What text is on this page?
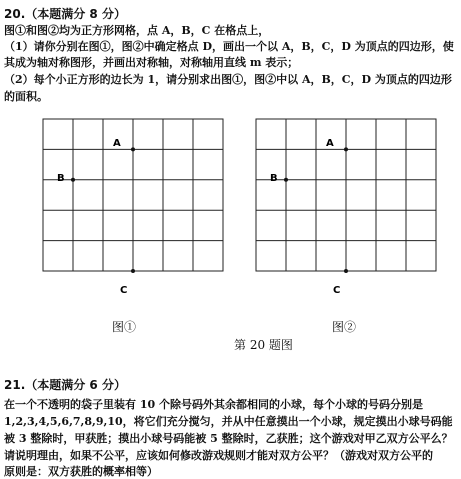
20.（本题满分 8 分）
图①和图②均为正方形网格，点 A，B，C 在格点上，
（1）请你分别在图①，图②中确定格点 D，画出一个以 A，B，C，D 为顶点的四边形，使
其成为轴对称图形，并画出对称轴，对称轴用直线 m 表示；
（2）每个小正方形的边长为 1，请分别求出图①，图②中以 A，B，C，D 为顶点的四边形
的面积。
A
B
C
A
B
C
图①	图②
第 20 题图
21.（本题满分 6 分）
在一个不透明的袋子里装有 10 个除号码外其余都相同的小球，每个小球的号码分别是
1,2,3,4,5,6,7,8,9,10，将它们充分搅匀，并从中任意摸出一个小球，规定摸出小球号码能
被 3 整除时，甲获胜；摸出小球号码能被 5 整除时，乙获胜；这个游戏对甲乙双方公平么？
请说明理由，如果不公平，应该如何修改游戏规则才能对双方公平？（游戏对双方公平的
原则是：双方获胜的概率相等）
